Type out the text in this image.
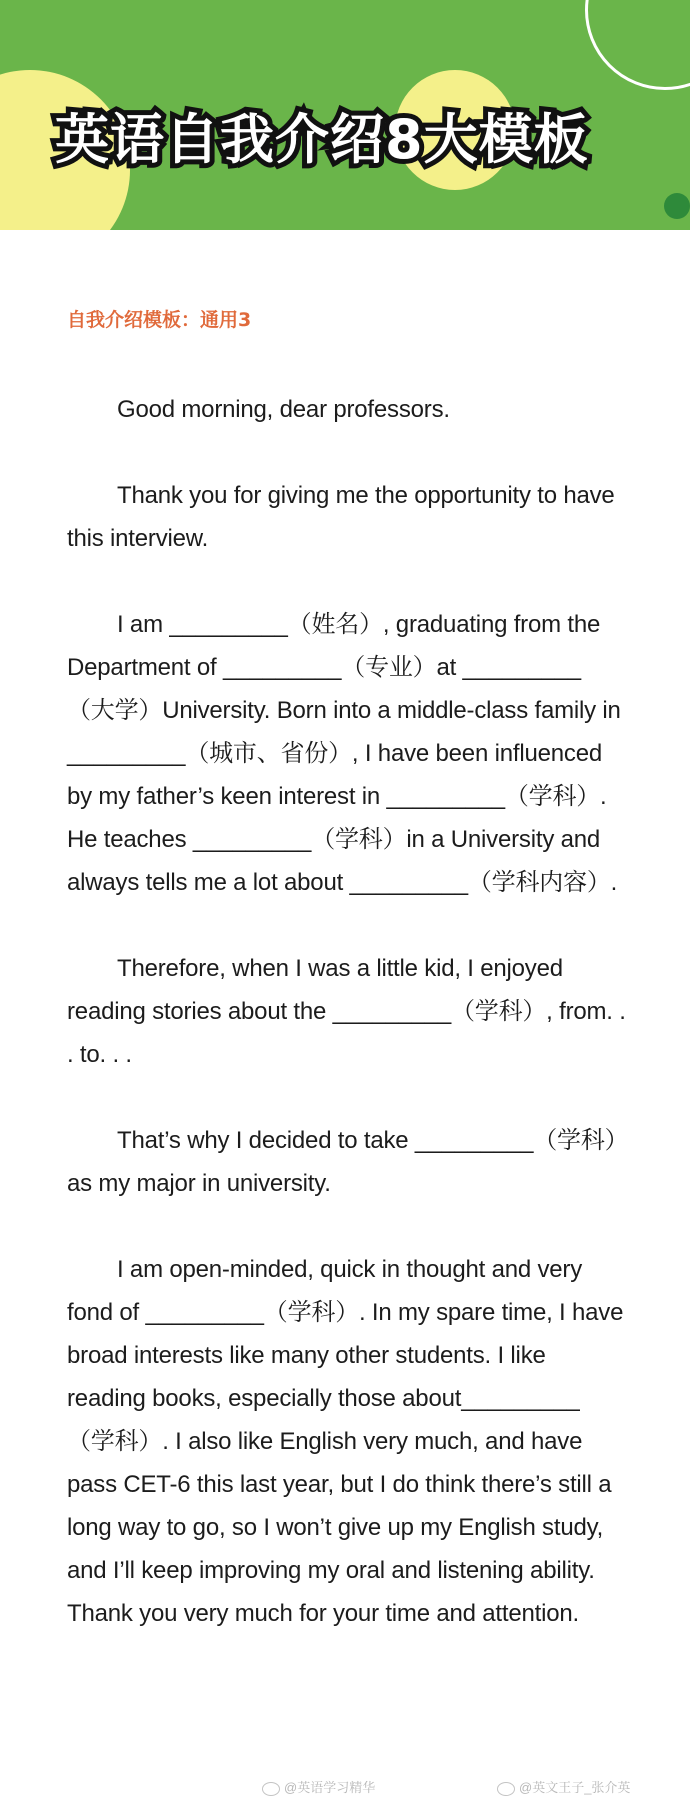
英语自我介绍8大模板
自我介绍模板：通用3

Good morning, dear professors.

Thank you for giving me the opportunity to have this interview.

I am _________（姓名）, graduating from the Department of _________（专业）at _________（大学）University. Born into a middle-class family in _________（城市、省份）, I have been influenced by my father’s keen interest in _________（学科）. He teaches _________（学科）in a University and always tells me a lot about _________（学科内容）.

Therefore, when I was a little kid, I enjoyed reading stories about the _________（学科）, from. . . to. . .

That’s why I decided to take _________（学科）as my major in university.

I am open-minded, quick in thought and very fond of _________（学科）. In my spare time, I have broad interests like many other students. I like reading books, especially those about_________（学科）. I also like English very much, and have pass CET-6 this last year, but I do think there’s still a long way to go, so I won’t give up my English study, and I’ll keep improving my oral and listening ability. Thank you very much for your time and attention.

@英语学习精华	@英文王子_张介英
